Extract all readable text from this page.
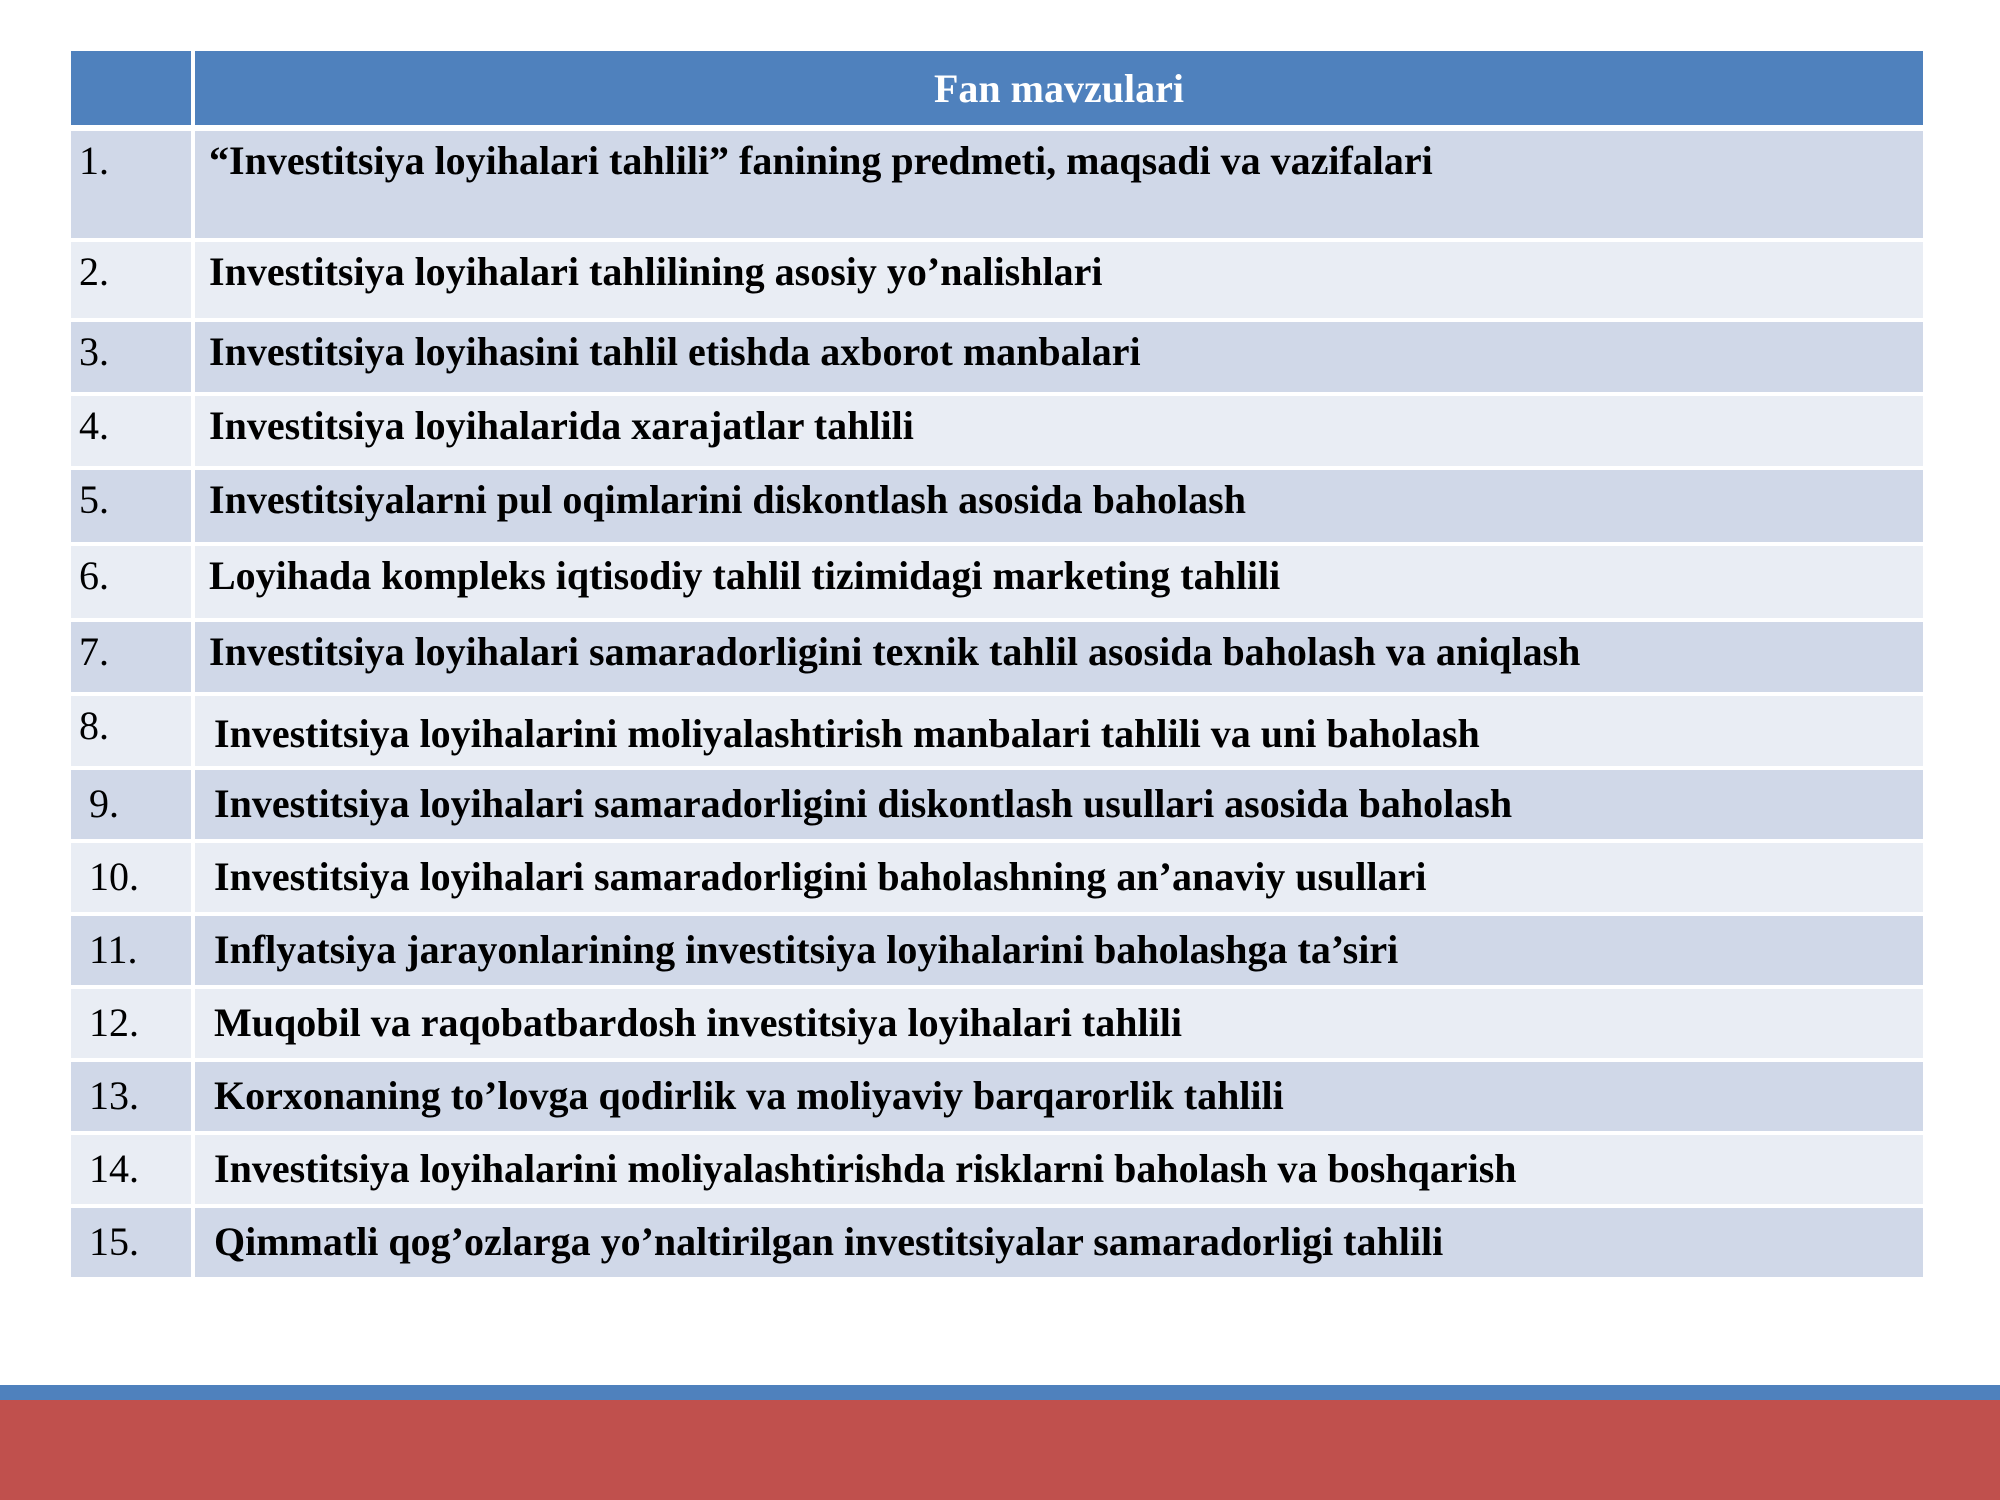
	Fan mavzulari
1.	“Investitsiya loyihalari tahlili” fanining predmeti, maqsadi va vazifalari
2.	Investitsiya loyihalari tahlilining asosiy yo’nalishlari
3.	Investitsiya loyihasini tahlil etishda axborot manbalari
4.	Investitsiya loyihalarida xarajatlar tahlili
5.	Investitsiyalarni pul oqimlarini diskontlash asosida baholash
6.	Loyihada kompleks iqtisodiy tahlil tizimidagi marketing tahlili
7.	Investitsiya loyihalari samaradorligini texnik tahlil asosida baholash va aniqlash
8.	Investitsiya loyihalarini moliyalashtirish manbalari tahlili va uni baholash
9.	Investitsiya loyihalari samaradorligini diskontlash usullari asosida baholash
10.	Investitsiya loyihalari samaradorligini baholashning an’anaviy usullari
11.	Inflyatsiya jarayonlarining investitsiya loyihalarini baholashga ta’siri
12.	Muqobil va raqobatbardosh investitsiya loyihalari tahlili
13.	Korxonaning to’lovga qodirlik va moliyaviy barqarorlik tahlili
14.	Investitsiya loyihalarini moliyalashtirishda risklarni baholash va boshqarish
15.	Qimmatli qog’ozlarga yo’naltirilgan investitsiyalar samaradorligi tahlili
